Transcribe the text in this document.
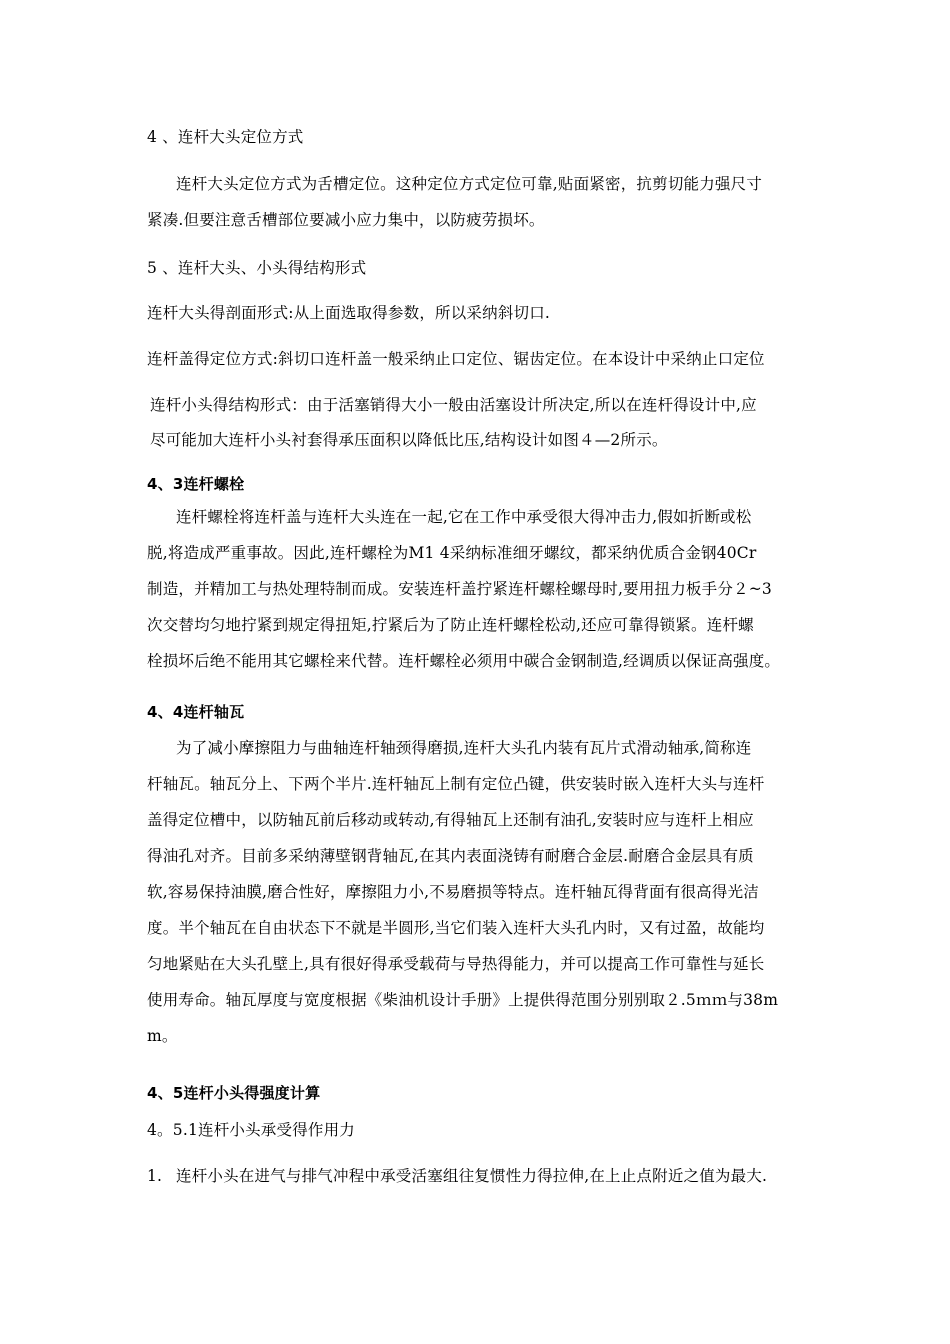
4 、连杆大头定位方式
连杆大头定位方式为舌槽定位。这种定位方式定位可靠,贴面紧密，抗剪切能力强尺寸
紧凑.但要注意舌槽部位要减小应力集中，以防疲劳损坏。
5 、连杆大头、小头得结构形式
连杆大头得剖面形式:从上面选取得参数，所以采纳斜切口.
连杆盖得定位方式:斜切口连杆盖一般采纳止口定位、锯齿定位。在本设计中采纳止口定位
连杆小头得结构形式：由于活塞销得大小一般由活塞设计所决定,所以在连杆得设计中,应
尽可能加大连杆小头衬套得承压面积以降低比压,结构设计如图４—2所示。
4、3连杆螺栓
连杆螺栓将连杆盖与连杆大头连在一起,它在工作中承受很大得冲击力,假如折断或松
脱,将造成严重事故。因此,连杆螺栓为M1 4采纳标准细牙螺纹，都采纳优质合金钢40Cr
制造，并精加工与热处理特制而成。安装连杆盖拧紧连杆螺栓螺母时,要用扭力板手分２~3
次交替均匀地拧紧到规定得扭矩,拧紧后为了防止连杆螺栓松动,还应可靠得锁紧。连杆螺
栓损坏后绝不能用其它螺栓来代替。连杆螺栓必须用中碳合金钢制造,经调质以保证高强度。
4、4连杆轴瓦
为了减小摩擦阻力与曲轴连杆轴颈得磨损,连杆大头孔内装有瓦片式滑动轴承,简称连
杆轴瓦。轴瓦分上、下两个半片.连杆轴瓦上制有定位凸键，供安装时嵌入连杆大头与连杆
盖得定位槽中，以防轴瓦前后移动或转动,有得轴瓦上还制有油孔,安装时应与连杆上相应
得油孔对齐。目前多采纳薄壁钢背轴瓦,在其内表面浇铸有耐磨合金层.耐磨合金层具有质
软,容易保持油膜,磨合性好，摩擦阻力小,不易磨损等特点。连杆轴瓦得背面有很高得光洁
度。半个轴瓦在自由状态下不就是半圆形,当它们装入连杆大头孔内时，又有过盈，故能均
匀地紧贴在大头孔壁上,具有很好得承受载荷与导热得能力，并可以提高工作可靠性与延长
使用寿命。轴瓦厚度与宽度根据《柴油机设计手册》上提供得范围分别别取２.5ｍｍ与38m
m。
4、5连杆小头得强度计算
4。5.1连杆小头承受得作用力
1. 连杆小头在进气与排气冲程中承受活塞组往复惯性力得拉伸,在上止点附近之值为最大.
